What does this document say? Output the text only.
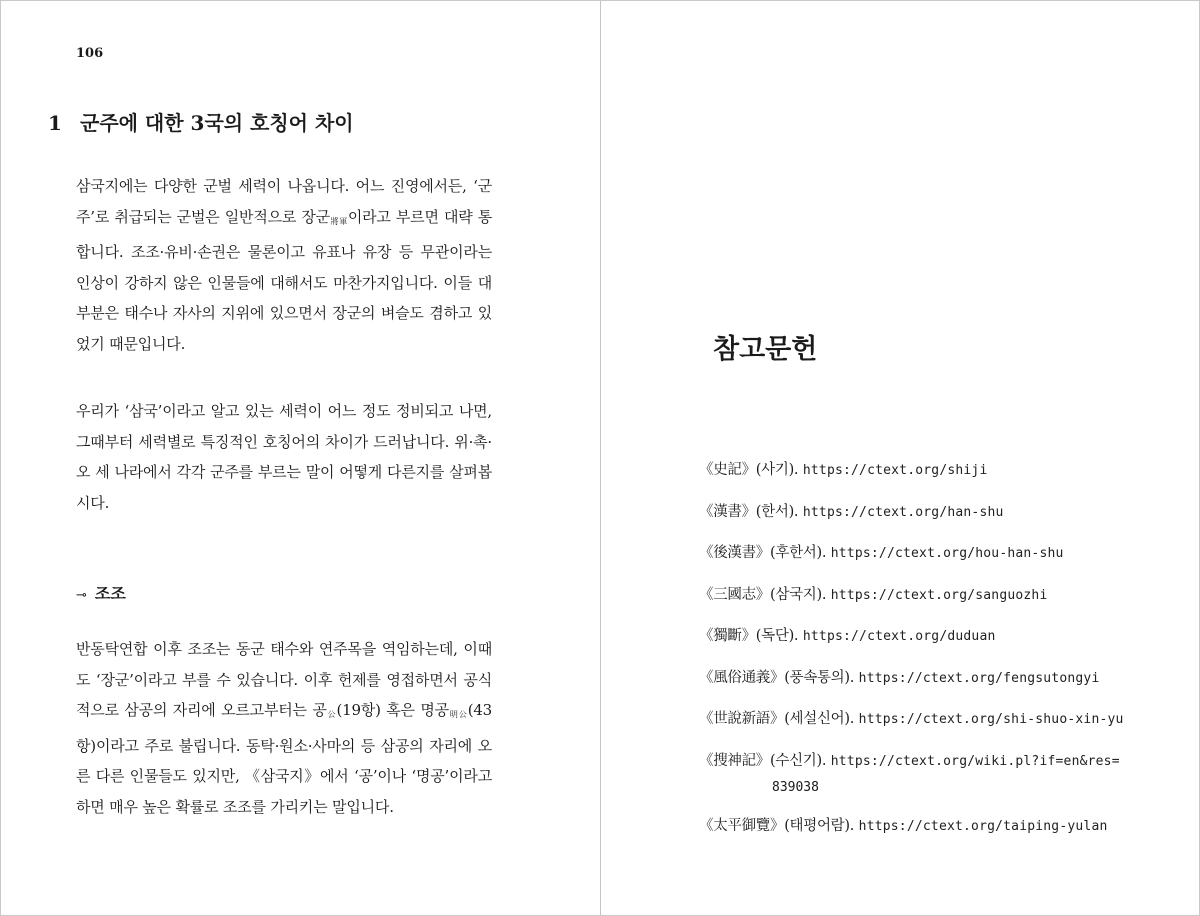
106
1 군주에 대한 3국의 호칭어 차이

삼국지에는 다양한 군벌 세력이 나옵니다. 어느 진영에서든, ‘군주’로 취급되는 군벌은 일반적으로 장군$_{將軍}$이라고 부르면 대략 통합니다. 조조·유비·손권은 물론이고 유표나 유장 등 무관이라는 인상이 강하지 않은 인물들에 대해서도 마찬가지입니다. 이들 대부분은 태수나 자사의 지위에 있으면서 장군의 벼슬도 겸하고 있었기 때문입니다.

우리가 ‘삼국’이라고 알고 있는 세력이 어느 정도 정비되고 나면, 그때부터 세력별로 특징적인 호칭어의 차이가 드러납니다. 위·촉·오 세 나라에서 각각 군주를 부르는 말이 어떻게 다른지를 살펴봅시다.

⊸ 조조

반동탁연합 이후 조조는 동군 태수와 연주목을 역임하는데, 이때도 ‘장군’이라고 부를 수 있습니다. 이후 헌제를 영접하면서 공식적으로 삼공의 자리에 오르고부터는 공$_公$(19항) 혹은 명공$_{明公}$(43항)이라고 주로 불립니다. 동탁·원소·사마의 등 삼공의 자리에 오른 다른 인물들도 있지만, 《삼국지》에서 ‘공’이나 ‘명공’이라고 하면 매우 높은 확률로 조조를 가리키는 말입니다.

참고문헌
《史記》(사기). https://ctext.org/shiji
《漢書》(한서). https://ctext.org/han-shu
《後漢書》(후한서). https://ctext.org/hou-han-shu
《三國志》(삼국지). https://ctext.org/sanguozhi
《獨斷》(독단). https://ctext.org/duduan
《風俗通義》(풍속통의). https://ctext.org/fengsutongyi
《世說新語》(세설신어). https://ctext.org/shi-shuo-xin-yu
《搜神記》(수신기). https://ctext.org/wiki.pl?if=en&res=
839038
《太平御覽》(태평어람). https://ctext.org/taiping-yulan
